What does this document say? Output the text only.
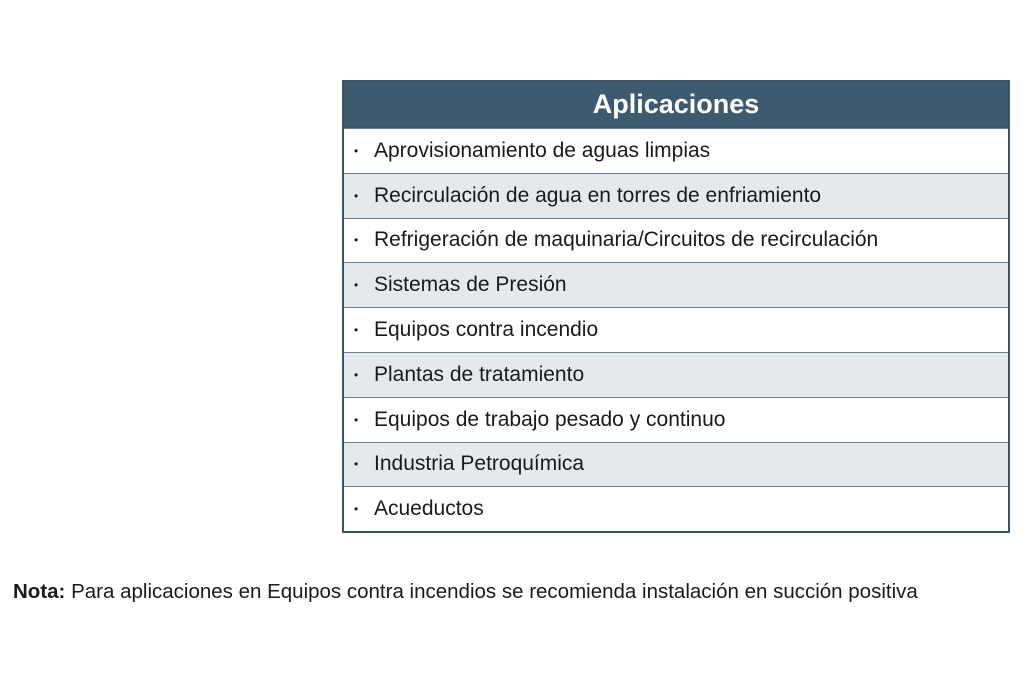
Aplicaciones
• Aprovisionamiento de aguas limpias
• Recirculación de agua en torres de enfriamiento
• Refrigeración de maquinaria/Circuitos de recirculación
• Sistemas de Presión
• Equipos contra incendio
• Plantas de tratamiento
• Equipos de trabajo pesado y continuo
• Industria Petroquímica
• Acueductos
Nota: Para aplicaciones en Equipos contra incendios se recomienda instalación en succión positiva
